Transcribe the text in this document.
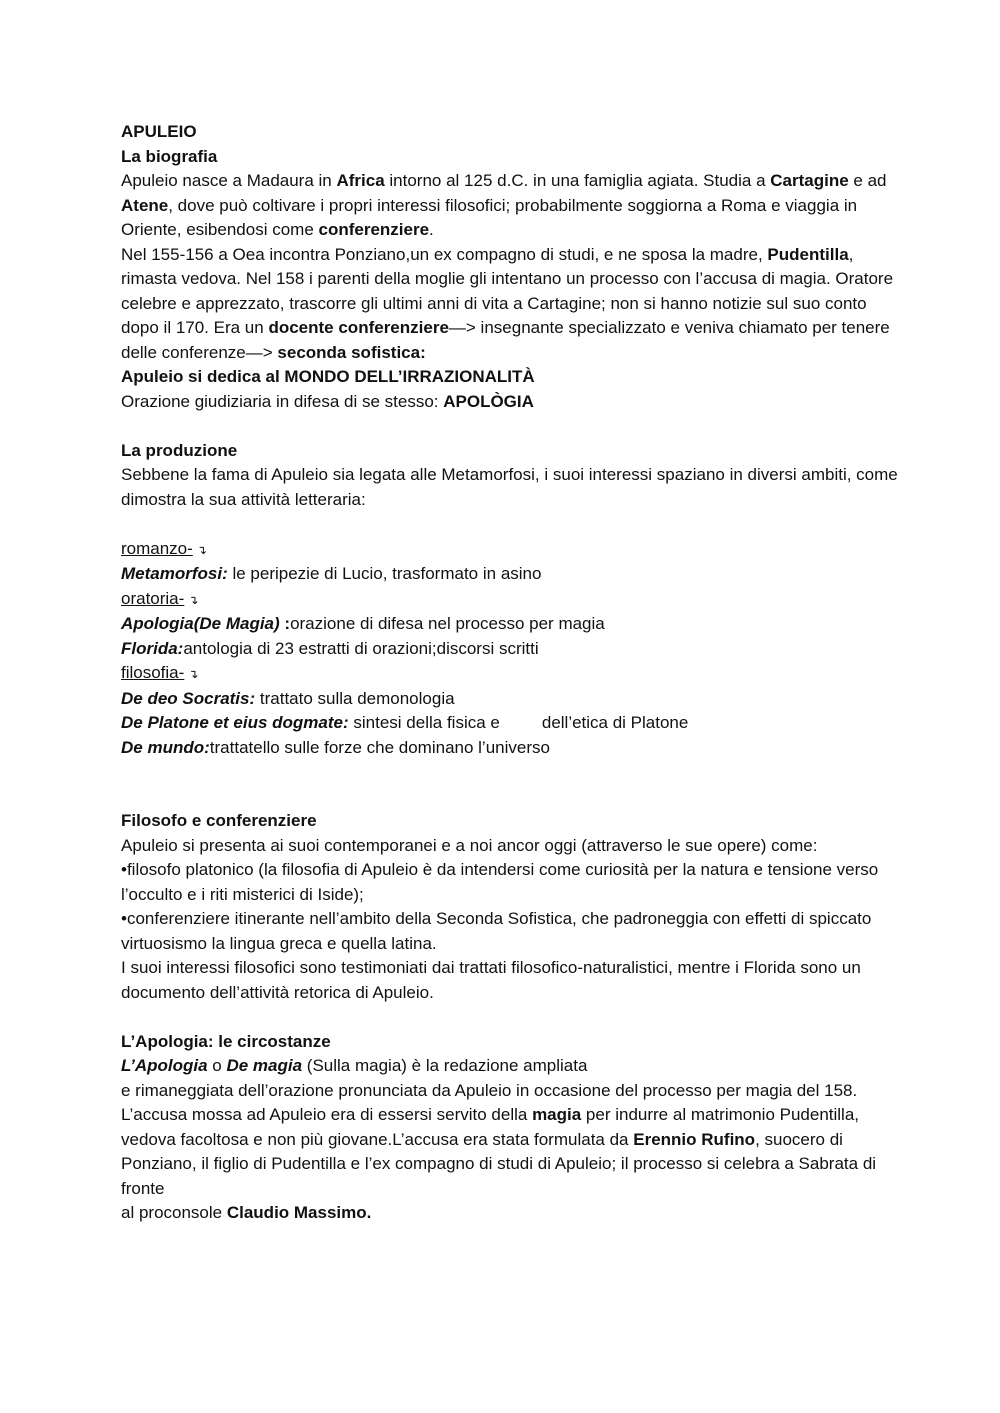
APULEIO

La biografia

Apuleio nasce a Madaura in Africa intorno al 125 d.C. in una famiglia agiata. Studia a Cartagine e ad Atene, dove può coltivare i propri interessi filosofici; probabilmente soggiorna a Roma e viaggia in Oriente, esibendosi come conferenziere.

Nel 155-156 a Oea incontra Ponziano,un ex compagno di studi, e ne sposa la madre, Pudentilla, rimasta vedova. Nel 158 i parenti della moglie gli intentano un processo con l’accusa di magia. Oratore celebre e apprezzato, trascorre gli ultimi anni di vita a Cartagine; non si hanno notizie sul suo conto dopo il 170. Era un docente conferenziere—> insegnante specializzato e veniva chiamato per tenere delle conferenze—> seconda sofistica:

Apuleio si dedica al MONDO DELL’IRRAZIONALITÀ

Orazione giudiziaria in difesa di se stesso: APOLÒGIA

La produzione

Sebbene la fama di Apuleio sia legata alle Metamorfosi, i suoi interessi spaziano in diversi ambiti, come dimostra la sua attività letteraria:

romanzo- ↴

Metamorfosi: le peripezie di Lucio, trasformato in asino

oratoria- ↴

Apologia(De Magia) :orazione di difesa nel processo per magia

Florida:antologia di 23 estratti di orazioni;discorsi scritti

filosofia- ↴

De deo Socratis: trattato sulla demonologia

De Platone et eius dogmate: sintesi della fisica e dell’etica di Platone

De mundo:trattatello sulle forze che dominano l’universo

Filosofo e conferenziere

Apuleio si presenta ai suoi contemporanei e a noi ancor oggi (attraverso le sue opere) come:

•filosofo platonico (la filosofia di Apuleio è da intendersi come curiosità per la natura e tensione verso l’occulto e i riti misterici di Iside);

•conferenziere itinerante nell’ambito della Seconda Sofistica, che padroneggia con effetti di spiccato virtuosismo la lingua greca e quella latina.

I suoi interessi filosofici sono testimoniati dai trattati filosofico-naturalistici, mentre i Florida sono un documento dell’attività retorica di Apuleio.

L’Apologia: le circostanze

L’Apologia o De magia (Sulla magia) è la redazione ampliata

e rimaneggiata dell’orazione pronunciata da Apuleio in occasione del processo per magia del 158.

L’accusa mossa ad Apuleio era di essersi servito della magia per indurre al matrimonio Pudentilla, vedova facoltosa e non più giovane.L’accusa era stata formulata da Erennio Rufino, suocero di Ponziano, il figlio di Pudentilla e l’ex compagno di studi di Apuleio; il processo si celebra a Sabrata di fronte

al proconsole Claudio Massimo.
